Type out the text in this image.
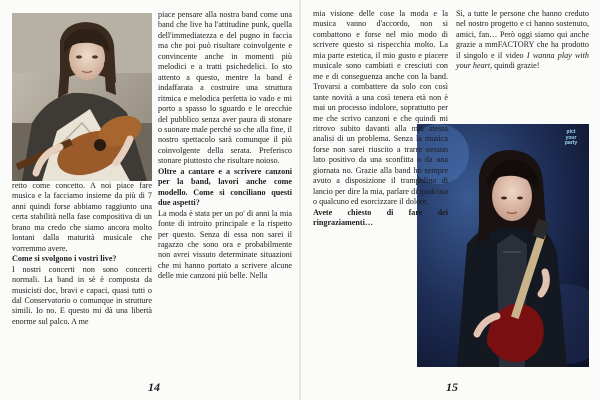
pict
your
party

retto come concetto. A noi piace fare musica e la facciamo insieme da più di 7 anni quindi forse abbiamo raggiunto una certa stabilità nella fase compositiva di un brano ma credo che siamo ancora molto lontani dalla maturità musicale che vorremmo avere.

Come si svolgono i vostri live?

I nostri concerti non sono concerti normali. La band in sè è composta da musicisti doc, bravi e capaci, quasi tutti o dal Conservatorio o comunque in strutture simili. Io no. E questo mi dà una libertà enorme sul palco. A me

piace pensare alla nostra band come una band che live ha l'attitudine punk, quella dell'immediatezza e del pugno in faccia ma che poi può risultare coinvolgente e convincente anche in momenti più melodici e a tratti psichedelici. Io sto attento a questo, mentre la band è indaffarata a costruire una struttura ritmica e melodica perfetta io vado e mi porto a spasso lo sguardo e le orecchie del pubblico senza aver paura di stonare o suonare male perché so che alla fine, il nostro spettacolo sarà comunque il più coinvolgente della serata. Preferisco stonare piuttosto che risultare noioso.

Oltre a cantare e a scrivere canzoni per la band, lavori anche come modello. Come si conciliano questi due aspetti?

La moda è stata per un po' di anni la mia fonte di introito principale e la rispetto per questo. Senza di essa non sarei il ragazzo che sono ora e probabilmente non avrei vissuto determinate situazioni che mi hanno portato a scrivere alcune delle mie canzoni più belle. Nella

mia visione delle cose la moda e la musica vanno d'accordo, non si combattono e forse nel mio modo di scrivere questo si rispecchia molto. La mia parte estetica, il mio gusto e piacere musicale sono cambiati e cresciuti con me e di conseguenza anche con la band. Trovarsi a combattere da solo con così tante novità a una così tenera età non è mai un processo indolore, soprattutto per me che scrivo canzoni e che quindi mi ritrovo subito davanti alla mia stessa analisi di un problema. Senza la musica forse non sarei riuscito a trarre nessun lato positivo da una sconfitta o da una giornata no. Grazie alla band ho sempre avuto a disposizione il trampolino di lancio per dire la mia, parlare di qualcosa o qualcuno ed esorcizzare il dolore.

Avete chiesto di fare dei ringraziamenti…

Sì, a tutte le persone che hanno creduto nel nostro progetto e ci hanno sostenuto, amici, fan… Però oggi siamo qui anche grazie a mmFACTORY che ha prodotto il singolo e il video I wanna play with your heart, quindi grazie!

14	15
